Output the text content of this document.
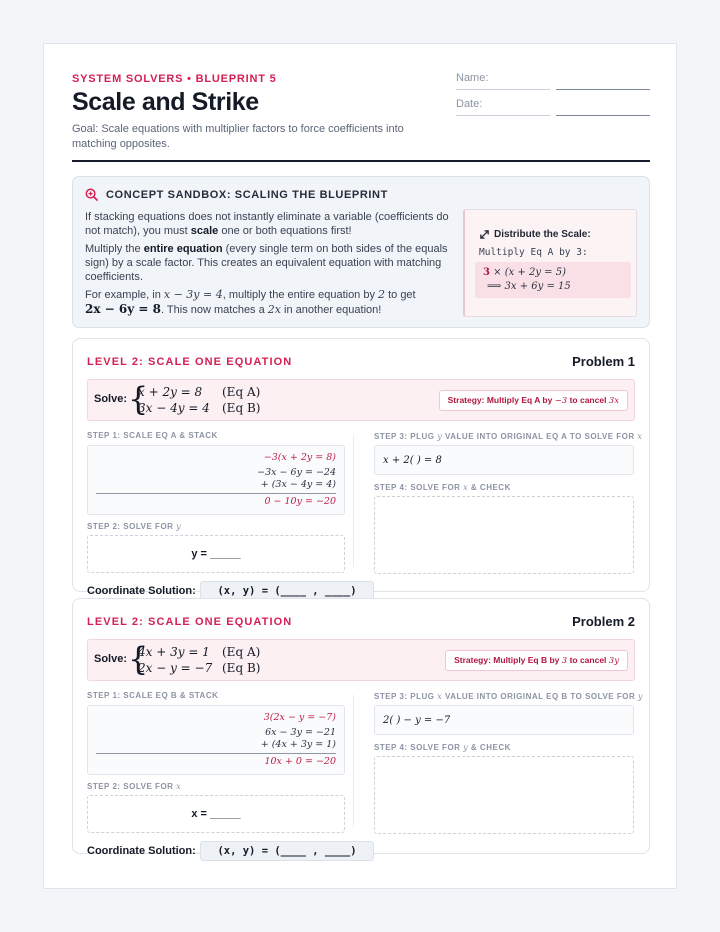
SYSTEM SOLVERS • BLUEPRINT 5
Scale and Strike
Goal: Scale equations with multiplier factors to force coefficients into matching opposites.
Name:
Date:
CONCEPT SANDBOX: SCALING THE BLUEPRINT

If stacking equations does not instantly eliminate a variable (coefficients do not match), you must scale one or both equations first!

Multiply the entire equation (every single term on both sides of the equals sign) by a scale factor. This creates an equivalent equation with matching coefficients.

For example, in x − 3y = 4, multiply the entire equation by 2 to get
2x − 6y = 8. This now matches a 2x in another equation!

Distribute the Scale:
Multiply Eq A by 3:
3 × (x + 2y = 5)
⟹ 3x + 6y = 15
LEVEL 2: SCALE ONE EQUATION	Problem 1
Solve: {
x + 2y = 8 (Eq A)
3x − 4y = 4 (Eq B)
Strategy: Multiply Eq A by −3 to cancel 3x
STEP 1: SCALE EQ A & STACK
−3(x + 2y = 8)
−3x − 6y = −24
+ (3x − 4y = 4)
0 − 10y = −20
STEP 2: SOLVE FOR y
y = _____
STEP 3: PLUG y VALUE INTO ORIGINAL EQ A TO SOLVE FOR x
x + 2( ) = 8
STEP 4: SOLVE FOR x & CHECK
Coordinate Solution:	(x, y) = (____ , ____)
LEVEL 2: SCALE ONE EQUATION	Problem 2
Solve: {
4x + 3y = 1 (Eq A)
2x − y = −7 (Eq B)
Strategy: Multiply Eq B by 3 to cancel 3y
STEP 1: SCALE EQ B & STACK
3(2x − y = −7)
6x − 3y = −21
+ (4x + 3y = 1)
10x + 0 = −20
STEP 2: SOLVE FOR x
x = _____
STEP 3: PLUG x VALUE INTO ORIGINAL EQ B TO SOLVE FOR y
2( ) − y = −7
STEP 4: SOLVE FOR y & CHECK
Coordinate Solution:	(x, y) = (____ , ____)
